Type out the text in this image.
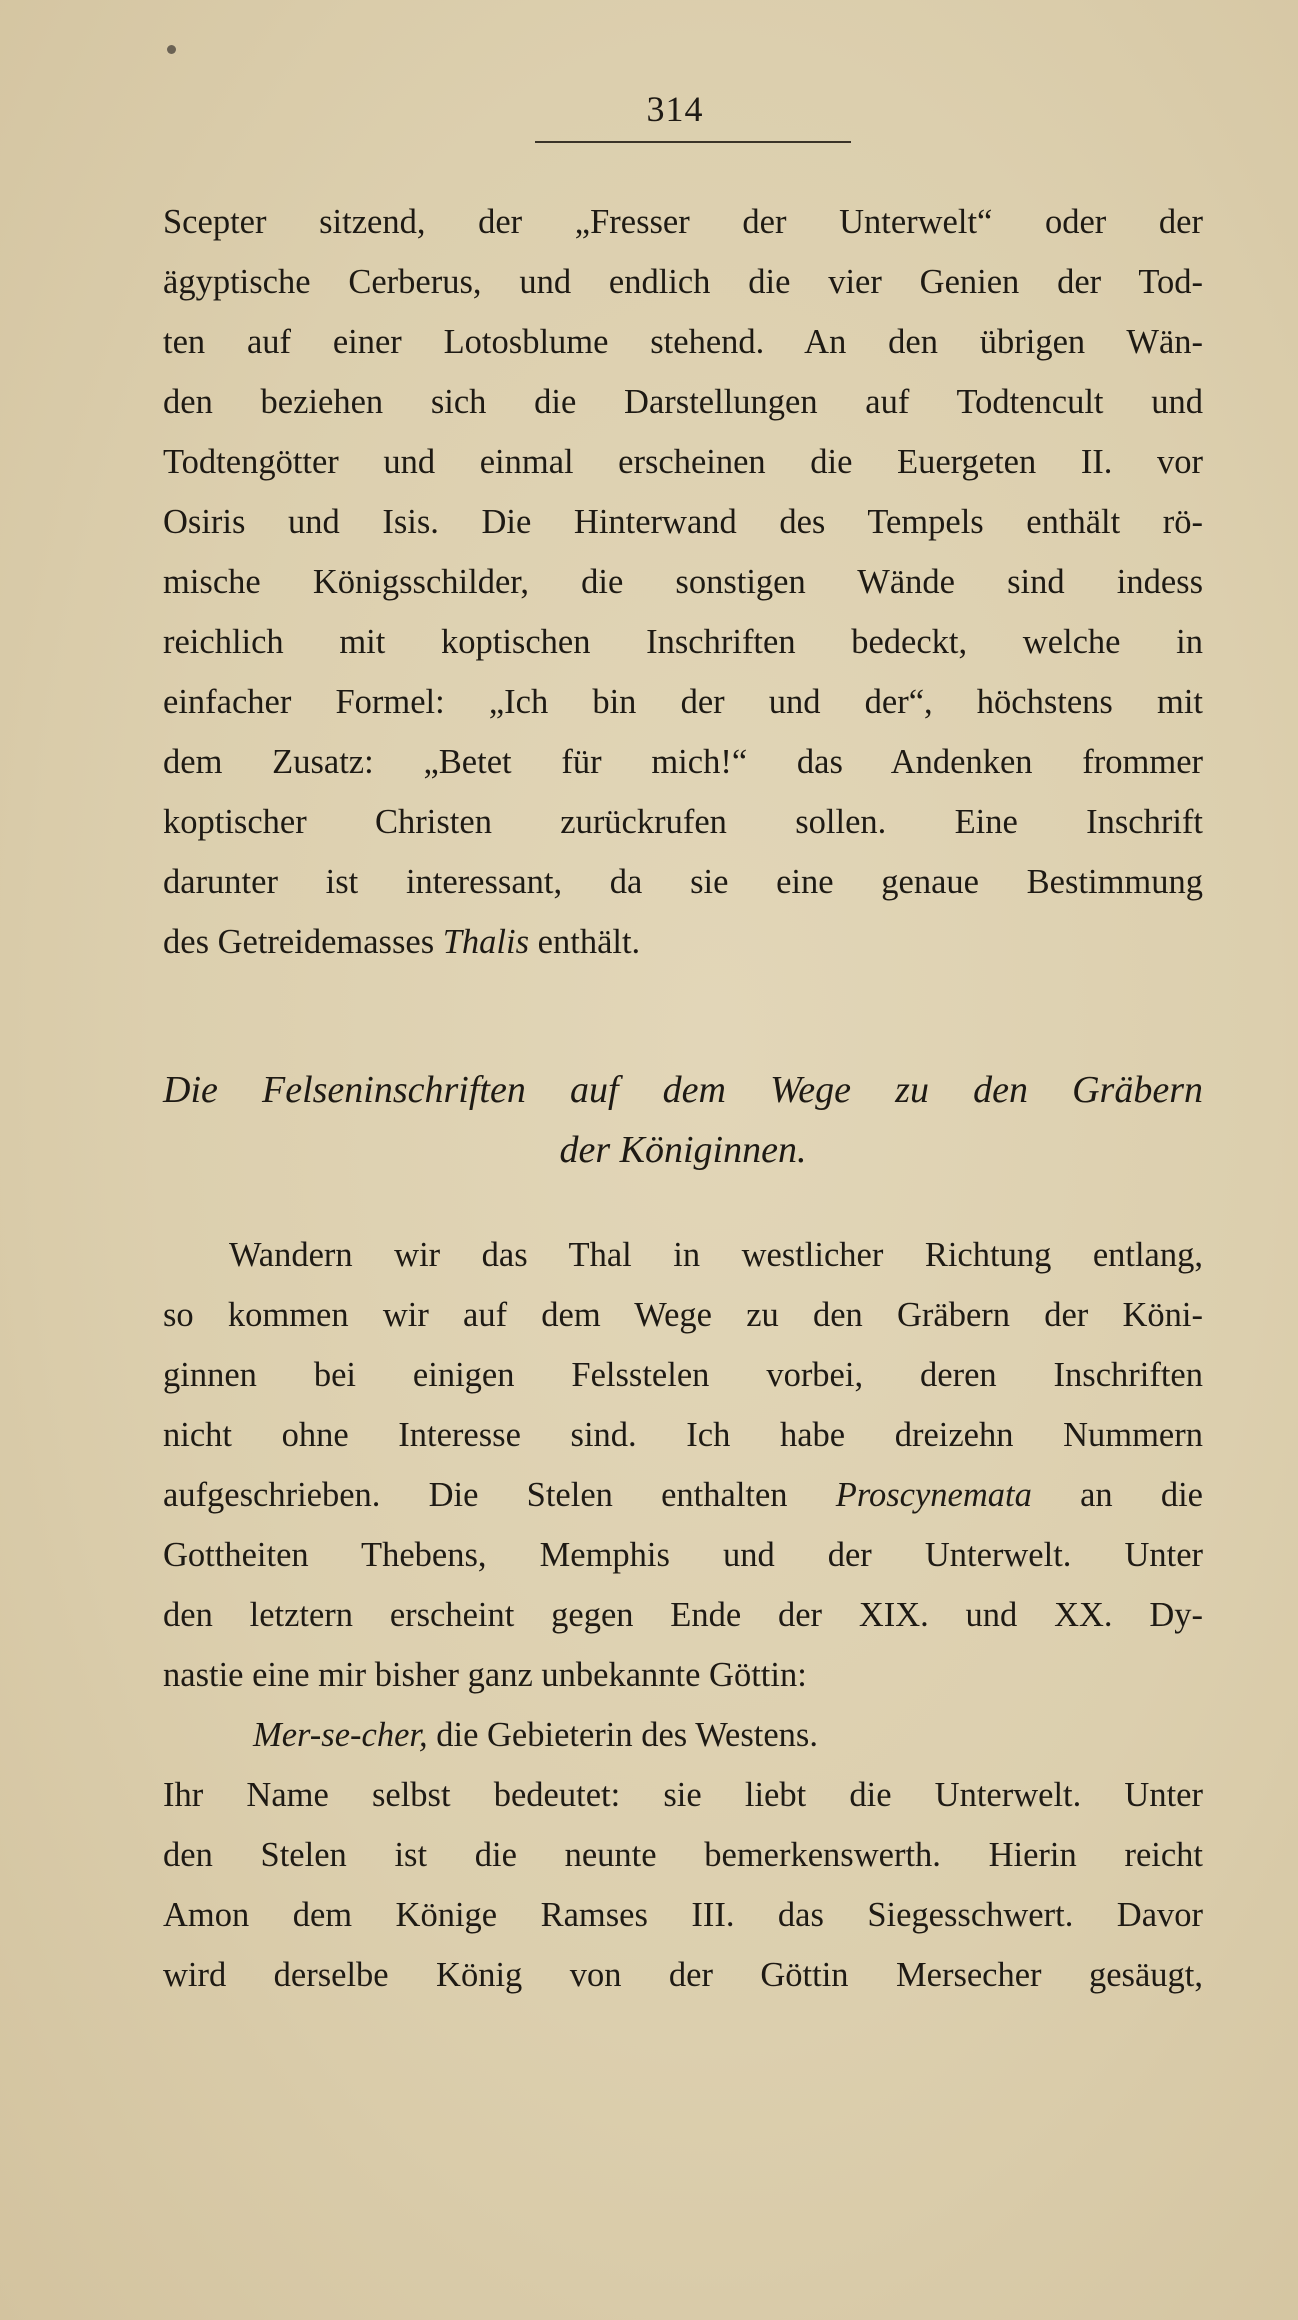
314
Scepter sitzend, der „Fresser der Unterwelt“ oder der
ägyptische Cerberus, und endlich die vier Genien der Tod-
ten auf einer Lotosblume stehend. An den übrigen Wän-
den beziehen sich die Darstellungen auf Todtencult und
Todtengötter und einmal erscheinen die Euergeten II. vor
Osiris und Isis. Die Hinterwand des Tempels enthält rö-
mische Königsschilder, die sonstigen Wände sind indess
reichlich mit koptischen Inschriften bedeckt, welche in
einfacher Formel: „Ich bin der und der“, höchstens mit
dem Zusatz: „Betet für mich!“ das Andenken frommer
koptischer Christen zurückrufen sollen. Eine Inschrift
darunter ist interessant, da sie eine genaue Bestimmung
des Getreidemasses Thalis enthält.
Die Felseninschriften auf dem Wege zu den Gräbern
der Königinnen.
Wandern wir das Thal in westlicher Richtung entlang,
so kommen wir auf dem Wege zu den Gräbern der Köni-
ginnen bei einigen Felsstelen vorbei, deren Inschriften
nicht ohne Interesse sind. Ich habe dreizehn Nummern
aufgeschrieben. Die Stelen enthalten Proscynemata an die
Gottheiten Thebens, Memphis und der Unterwelt. Unter
den letztern erscheint gegen Ende der XIX. und XX. Dy-
nastie eine mir bisher ganz unbekannte Göttin:
Mer-se-cher, die Gebieterin des Westens.
Ihr Name selbst bedeutet: sie liebt die Unterwelt. Unter
den Stelen ist die neunte bemerkenswerth. Hierin reicht
Amon dem Könige Ramses III. das Siegesschwert. Davor
wird derselbe König von der Göttin Mersecher gesäugt,
